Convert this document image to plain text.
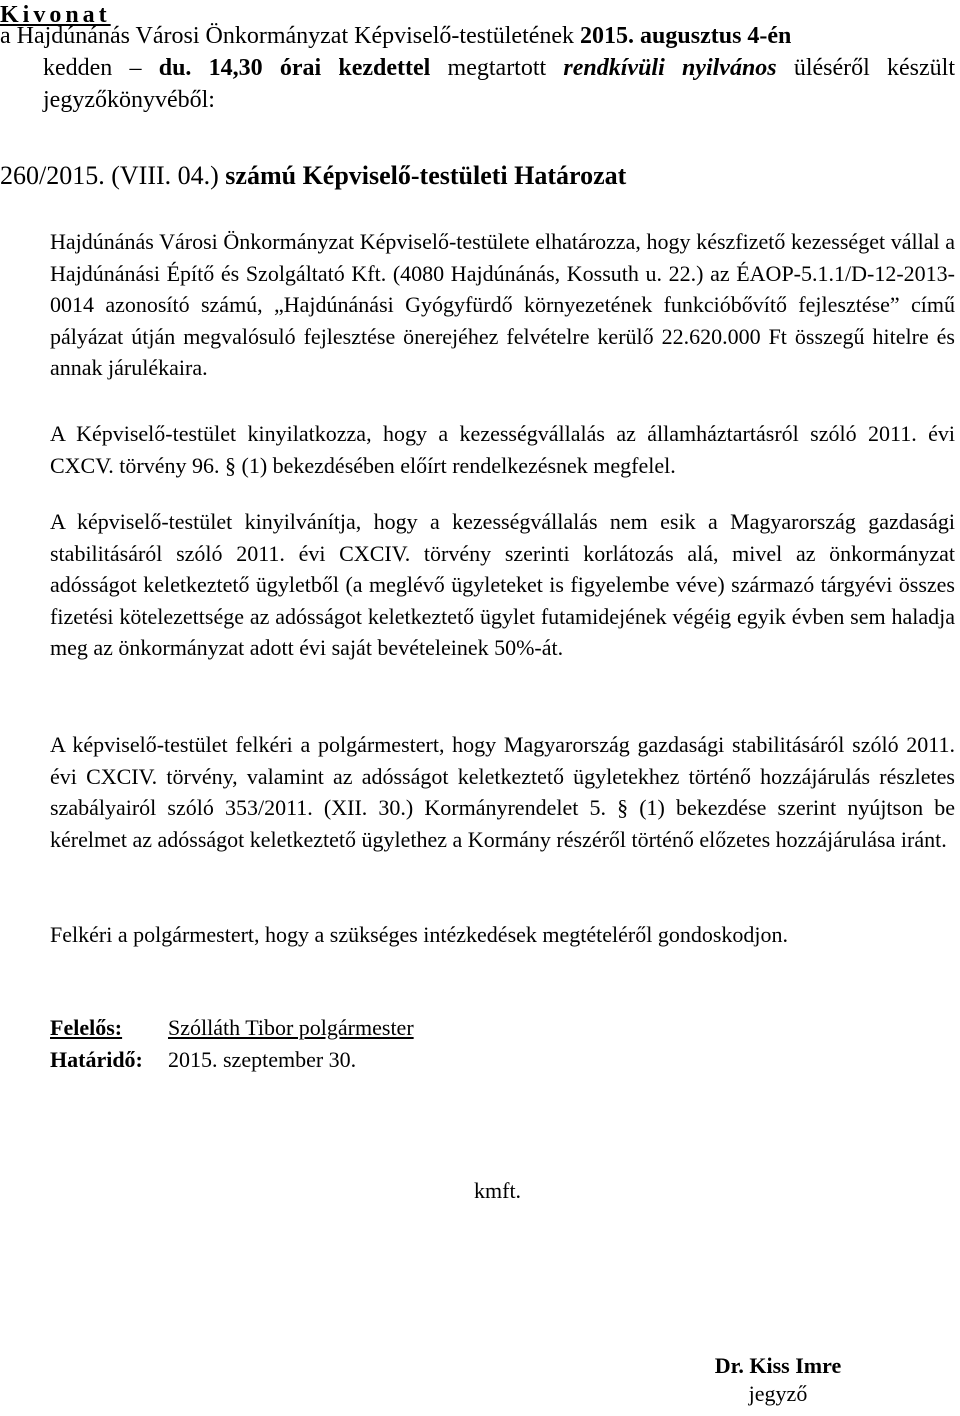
Kivonat

a Hajdúnánás Városi Önkormányzat Képviselő-testületének 2015. augusztus 4-én
kedden – du. 14,30 órai kezdettel megtartott rendkívüli nyilvános üléséről készült jegyzőkönyvéből:

260/2015. (VIII. 04.) számú Képviselő-testületi Határozat

Hajdúnánás Városi Önkormányzat Képviselő-testülete elhatározza, hogy készfizető kezességet vállal a Hajdúnánási Építő és Szolgáltató Kft. (4080 Hajdúnánás, Kossuth u. 22.) az ÉAOP-5.1.1/D-12-2013-0014 azonosító számú, „Hajdúnánási Gyógyfürdő környezetének funkcióbővítő fejlesztése” című pályázat útján megvalósuló fejlesztése önerejéhez felvételre kerülő 22.620.000 Ft összegű hitelre és annak járulékaira.

A Képviselő-testület kinyilatkozza, hogy a kezességvállalás az államháztartásról szóló 2011. évi CXCV. törvény 96. § (1) bekezdésében előírt rendelkezésnek megfelel.

A képviselő-testület kinyilvánítja, hogy a kezességvállalás nem esik a Magyarország gazdasági stabilitásáról szóló 2011. évi CXCIV. törvény szerinti korlátozás alá, mivel az önkormányzat adósságot keletkeztető ügyletből (a meglévő ügyleteket is figyelembe véve) származó tárgyévi összes fizetési kötelezettsége az adósságot keletkeztető ügylet futamidejének végéig egyik évben sem haladja meg az önkormányzat adott évi saját bevételeinek 50%-át.

A képviselő-testület felkéri a polgármestert, hogy Magyarország gazdasági stabilitásáról szóló 2011. évi CXCIV. törvény, valamint az adósságot keletkeztető ügyletekhez történő hozzájárulás részletes szabályairól szóló 353/2011. (XII. 30.) Kormányrendelet 5. § (1) bekezdése szerint nyújtson be kérelmet az adósságot keletkeztető ügylethez a Kormány részéről történő előzetes hozzájárulása iránt.

Felkéri a polgármestert, hogy a szükséges intézkedések megtételéről gondoskodjon.

Felelős: Szólláth Tibor polgármester
Határidő: 2015. szeptember 30.
kmft.
Dr. Kiss Imre
jegyző
